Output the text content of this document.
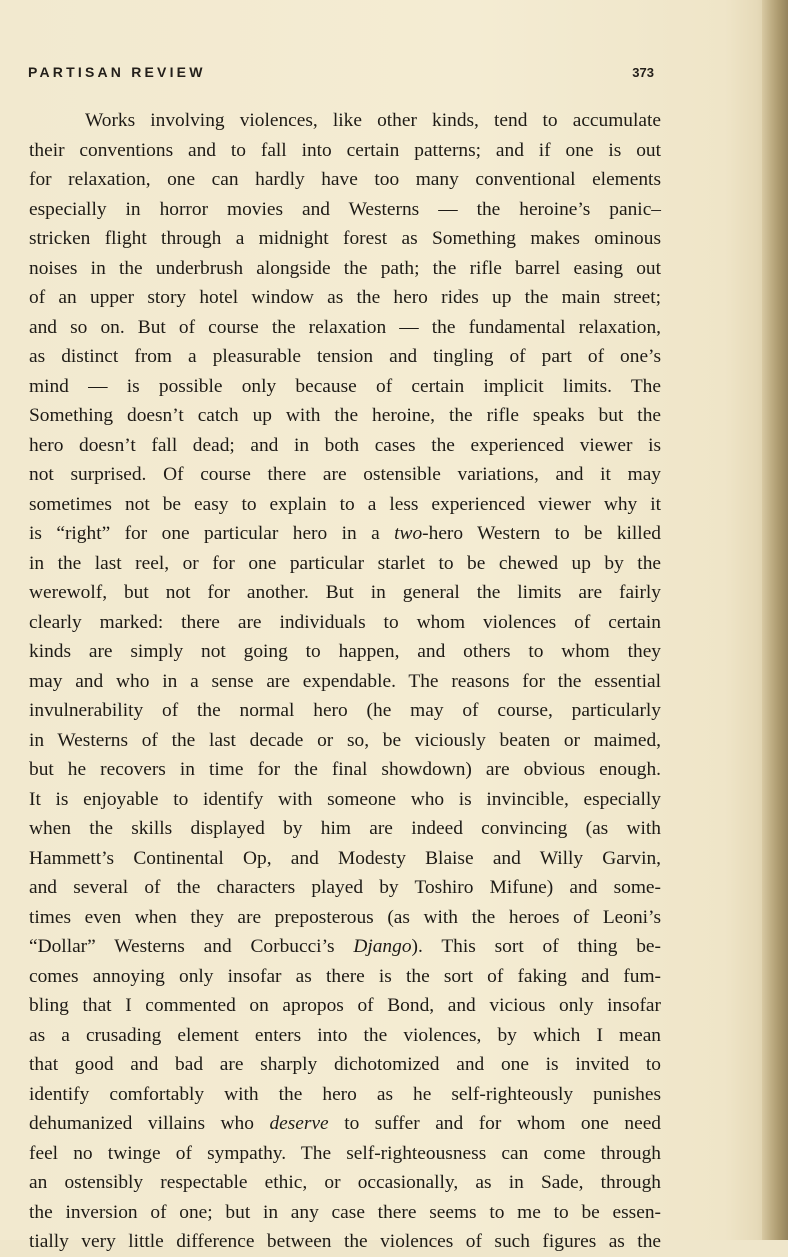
PARTISAN REVIEW	373
Works involving violences, like other kinds, tend to accumulate
their conventions and to fall into certain patterns; and if one is out
for relaxation, one can hardly have too many conventional elements
especially in horror movies and Westerns — the heroine’s panic–
stricken flight through a midnight forest as Something makes ominous
noises in the underbrush alongside the path; the rifle barrel easing out
of an upper story hotel window as the hero rides up the main street;
and so on. But of course the relaxation — the fundamental relaxation,
as distinct from a pleasurable tension and tingling of part of one’s
mind — is possible only because of certain implicit limits. The
Something doesn’t catch up with the heroine, the rifle speaks but the
hero doesn’t fall dead; and in both cases the experienced viewer is
not surprised. Of course there are ostensible variations, and it may
sometimes not be easy to explain to a less experienced viewer why it
is “right” for one particular hero in a two-hero Western to be killed
in the last reel, or for one particular starlet to be chewed up by the
werewolf, but not for another. But in general the limits are fairly
clearly marked: there are individuals to whom violences of certain
kinds are simply not going to happen, and others to whom they
may and who in a sense are expendable. The reasons for the essential
invulnerability of the normal hero (he may of course, particularly
in Westerns of the last decade or so, be viciously beaten or maimed,
but he recovers in time for the final showdown) are obvious enough.
It is enjoyable to identify with someone who is invincible, especially
when the skills displayed by him are indeed convincing (as with
Hammett’s Continental Op, and Modesty Blaise and Willy Garvin,
and several of the characters played by Toshiro Mifune) and some-
times even when they are preposterous (as with the heroes of Leoni’s
“Dollar” Westerns and Corbucci’s Django). This sort of thing be-
comes annoying only insofar as there is the sort of faking and fum-
bling that I commented on apropos of Bond, and vicious only insofar
as a crusading element enters into the violences, by which I mean
that good and bad are sharply dichotomized and one is invited to
identify comfortably with the hero as he self-righteously punishes
dehumanized villains who deserve to suffer and for whom one need
feel no twinge of sympathy. The self-righteousness can come through
an ostensibly respectable ethic, or occasionally, as in Sade, through
the inversion of one; but in any case there seems to me to be essen-
tially very little difference between the violences of such figures as the
